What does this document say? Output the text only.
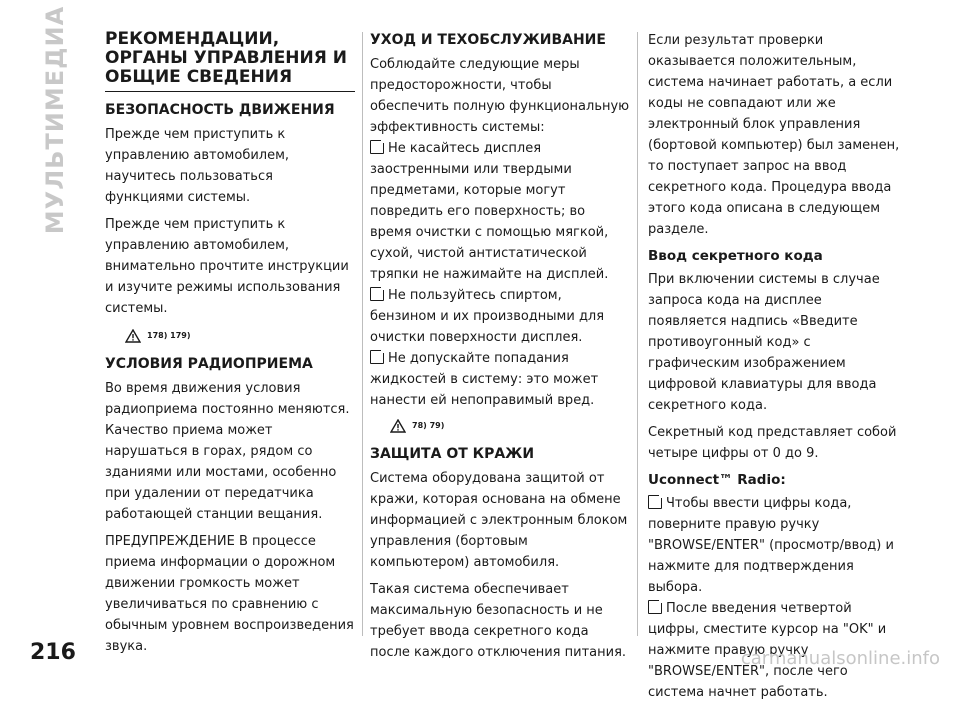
МУЛЬТИМЕДИА РЕКОМЕНДАЦИИ,
ОРГАНЫ УПРАВЛЕНИЯ И
ОБЩИЕ СВЕДЕНИЯ
БЕЗОПАСНОСТЬ ДВИЖЕНИЯ

Прежде чем приступить к управлению автомобилем, научитесь пользоваться функциями системы.

Прежде чем приступить к управлению автомобилем, внимательно прочтите инструкции и изучите режимы использования системы.

178) 179)
УСЛОВИЯ РАДИОПРИЕМА

Во время движения условия радиоприема постоянно меняются. Качество приема может нарушаться в горах, рядом со зданиями или мостами, особенно при удалении от передатчика работающей станции вещания.

ПРЕДУПРЕЖДЕНИЕ В процессе приема информации о дорожном движении громкость может увеличиваться по сравнению с обычным уровнем воспроизведения звука.

УХОД И ТЕХОБСЛУЖИВАНИЕ

Соблюдайте следующие меры предосторожности, чтобы обеспечить полную функциональную эффективность системы:

Не касайтесь дисплея заостренными или твердыми предметами, которые могут повредить его поверхность; во время очистки с помощью мягкой, сухой, чистой антистатической тряпки не нажимайте на дисплей.
Не пользуйтесь спиртом, бензином и их производными для очистки поверхности дисплея.
Не допускайте попадания жидкостей в систему: это может нанести ей непоправимый вред.
78) 79)
ЗАЩИТА ОТ КРАЖИ

Система оборудована защитой от кражи, которая основана на обмене информацией с электронным блоком управления (бортовым компьютером) автомобиля.

Такая система обеспечивает максимальную безопасность и не требует ввода секретного кода после каждого отключения питания.

Если результат проверки оказывается положительным, система начинает работать, а если коды не совпадают или же электронный блок управления (бортовой компьютер) был заменен, то поступает запрос на ввод секретного кода. Процедура ввода этого кода описана в следующем разделе.

Ввод секретного кода

При включении системы в случае запроса кода на дисплее появляется надпись «Введите противоугонный код» с графическим изображением цифровой клавиатуры для ввода секретного кода.

Секретный код представляет собой четыре цифры от 0 до 9.

Uconnect™ Radio:
Чтобы ввести цифры кода, поверните правую ручку "BROWSE/ENTER" (просмотр/ввод) и нажмите для подтверждения выбора.
После введения четвертой цифры, сместите курсор на "OK" и нажмите правую ручку "BROWSE/ENTER", после чего система начнет работать.
216	carmanualsonline.info
